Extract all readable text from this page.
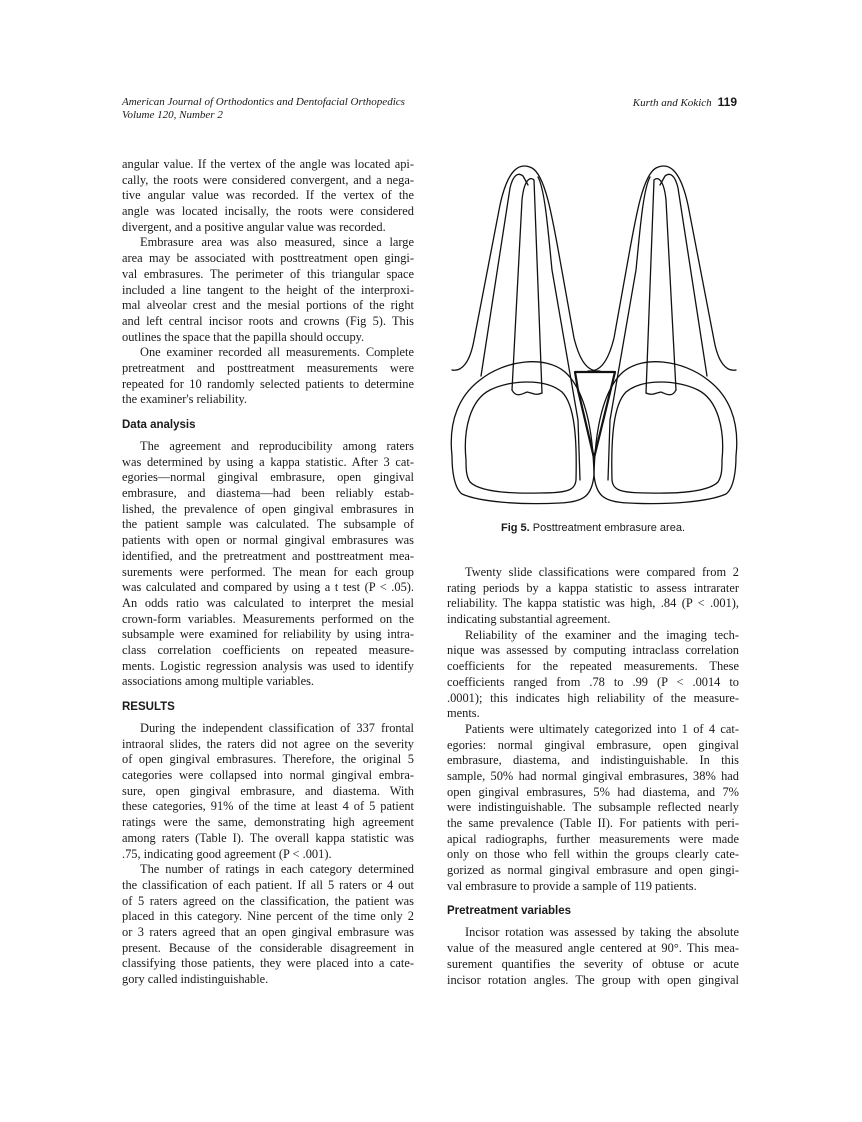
American Journal of Orthodontics and Dentofacial Orthopedics
Volume 120, Number 2
Kurth and Kokich 119
angular value. If the vertex of the angle was located api-
cally, the roots were considered convergent, and a nega-
tive angular value was recorded. If the vertex of the
angle was located incisally, the roots were considered
divergent, and a positive angular value was recorded.
Embrasure area was also measured, since a large
area may be associated with posttreatment open gingi-
val embrasures. The perimeter of this triangular space
included a line tangent to the height of the interproxi-
mal alveolar crest and the mesial portions of the right
and left central incisor roots and crowns (Fig 5). This
outlines the space that the papilla should occupy.
One examiner recorded all measurements. Complete
pretreatment and posttreatment measurements were
repeated for 10 randomly selected patients to determine
the examiner's reliability.
Data analysis
The agreement and reproducibility among raters
was determined by using a kappa statistic. After 3 cat-
egories—normal gingival embrasure, open gingival
embrasure, and diastema—had been reliably estab-
lished, the prevalence of open gingival embrasures in
the patient sample was calculated. The subsample of
patients with open or normal gingival embrasures was
identified, and the pretreatment and posttreatment mea-
surements were performed. The mean for each group
was calculated and compared by using a t test (P < .05).
An odds ratio was calculated to interpret the mesial
crown-form variables. Measurements performed on the
subsample were examined for reliability by using intra-
class correlation coefficients on repeated measure-
ments. Logistic regression analysis was used to identify
associations among multiple variables.
RESULTS
During the independent classification of 337 frontal
intraoral slides, the raters did not agree on the severity
of open gingival embrasures. Therefore, the original 5
categories were collapsed into normal gingival embra-
sure, open gingival embrasure, and diastema. With
these categories, 91% of the time at least 4 of 5 patient
ratings were the same, demonstrating high agreement
among raters (Table I). The overall kappa statistic was
.75, indicating good agreement (P < .001).
The number of ratings in each category determined
the classification of each patient. If all 5 raters or 4 out
of 5 raters agreed on the classification, the patient was
placed in this category. Nine percent of the time only 2
or 3 raters agreed that an open gingival embrasure was
present. Because of the considerable disagreement in
classifying those patients, they were placed into a cate-
gory called indistinguishable.
Twenty slide classifications were compared from 2
rating periods by a kappa statistic to assess intrarater
reliability. The kappa statistic was high, .84 (P < .001),
indicating substantial agreement.
Reliability of the examiner and the imaging tech-
nique was assessed by computing intraclass correlation
coefficients for the repeated measurements. These
coefficients ranged from .78 to .99 (P < .0014 to
.0001); this indicates high reliability of the measure-
ments.
Patients were ultimately categorized into 1 of 4 cat-
egories: normal gingival embrasure, open gingival
embrasure, diastema, and indistinguishable. In this
sample, 50% had normal gingival embrasures, 38% had
open gingival embrasures, 5% had diastema, and 7%
were indistinguishable. The subsample reflected nearly
the same prevalence (Table II). For patients with peri-
apical radiographs, further measurements were made
only on those who fell within the groups clearly cate-
gorized as normal gingival embrasure and open gingi-
val embrasure to provide a sample of 119 patients.
Pretreatment variables
Incisor rotation was assessed by taking the absolute
value of the measured angle centered at 90°. This mea-
surement quantifies the severity of obtuse or acute
incisor rotation angles. The group with open gingival
Fig 5. Posttreatment embrasure area.
